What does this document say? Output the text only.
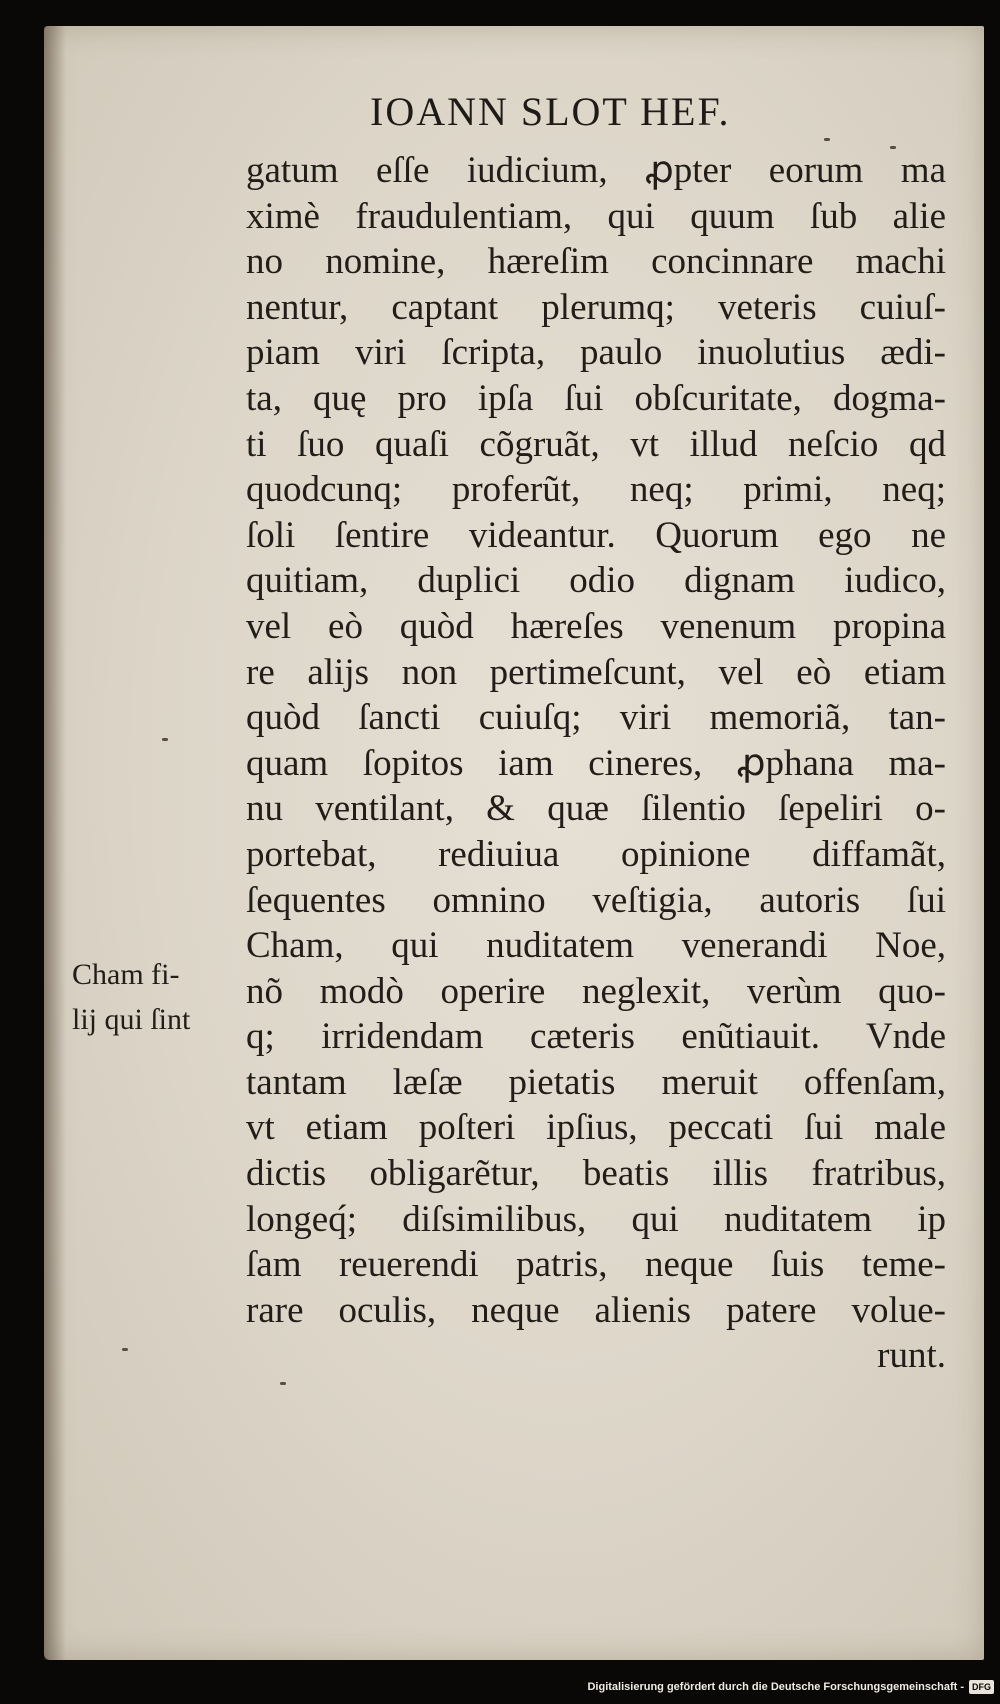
IOANN SLOT HEF.
gatum eſſe iudicium, ꝓpter eorum ma
ximè fraudulentiam, qui quum ſub alie
no nomine, hæreſim concinnare machi
nentur, captant plerumq; veteris cuiuſ-
piam viri ſcripta, paulo inuolutius ædi-
ta, quę pro ipſa ſui obſcuritate, dogma-
ti ſuo quaſi cõgruãt, vt illud neſcio qd
quodcunq; proferũt, neq; primi, neq;
ſoli ſentire videantur. Quorum ego ne
quitiam, duplici odio dignam iudico,
vel eò quòd hæreſes venenum propina
re alijs non pertimeſcunt, vel eò etiam
quòd ſancti cuiuſq; viri memoriã, tan-
quam ſopitos iam cineres, ꝓphana ma-
nu ventilant, & quæ ſilentio ſepeliri o-
portebat, rediuiua opinione diffamãt,
ſequentes omnino veſtigia, autoris ſui
Cham, qui nuditatem venerandi Noe,
nõ modò operire neglexit, verùm quo-
q; irridendam cæteris enũtiauit. Vnde
tantam læſæ pietatis meruit offenſam,
vt etiam poſteri ipſius, peccati ſui male
dictis obligarẽtur, beatis illis fratribus,
longeq́; diſsimilibus, qui nuditatem ip
ſam reuerendi patris, neque ſuis teme-
rare oculis, neque alienis patere volue-
runt.
Cham fi-
lij qui ſint
Digitalisierung gefördert durch die Deutsche Forschungsgemeinschaft - DFG
